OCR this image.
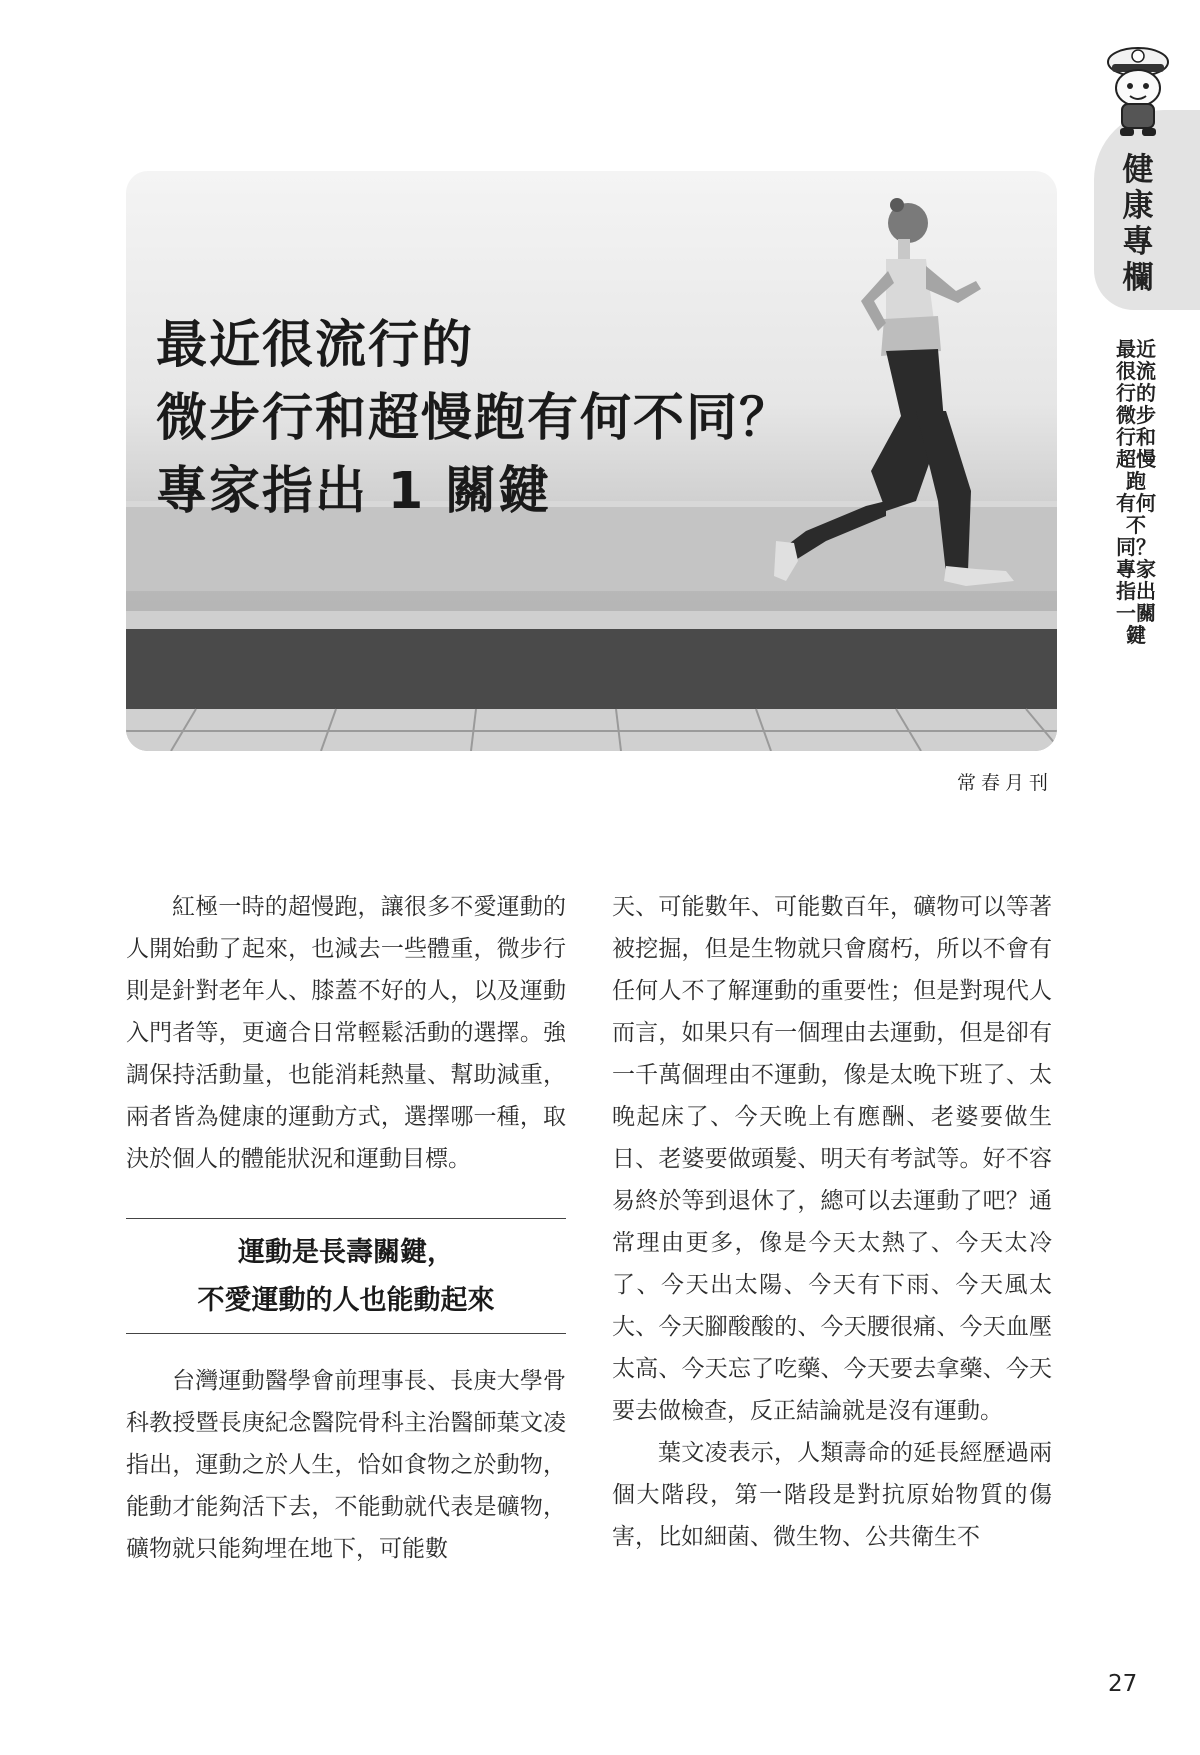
健康專欄
最近很流行的微步行和超慢跑 有何不同？專家指出一關鍵
最近很流行的
微步行和超慢跑有何不同？
專家指出 1 關鍵
常春月刊

紅極一時的超慢跑，讓很多不愛運動的人開始動了起來，也減去一些體重，微步行則是針對老年人、膝蓋不好的人，以及運動入門者等，更適合日常輕鬆活動的選擇。強調保持活動量，也能消耗熱量、幫助減重，兩者皆為健康的運動方式，選擇哪一種，取決於個人的體能狀況和運動目標。

運動是長壽關鍵，
不愛運動的人也能動起來

台灣運動醫學會前理事長、長庚大學骨科教授暨長庚紀念醫院骨科主治醫師葉文凌指出，運動之於人生，恰如食物之於動物，能動才能夠活下去，不能動就代表是礦物，礦物就只能夠埋在地下，可能數

天、可能數年、可能數百年，礦物可以等著被挖掘，但是生物就只會腐朽，所以不會有任何人不了解運動的重要性；但是對現代人而言，如果只有一個理由去運動，但是卻有一千萬個理由不運動，像是太晚下班了、太晚起床了、今天晚上有應酬、老婆要做生日、老婆要做頭髮、明天有考試等。好不容易終於等到退休了，總可以去運動了吧？通常理由更多，像是今天太熱了、今天太冷了、今天出太陽、今天有下雨、今天風太大、今天腳酸酸的、今天腰很痛、今天血壓太高、今天忘了吃藥、今天要去拿藥、今天要去做檢查，反正結論就是沒有運動。

葉文凌表示，人類壽命的延長經歷過兩個大階段，第一階段是對抗原始物質的傷害，比如細菌、微生物、公共衛生不

27
